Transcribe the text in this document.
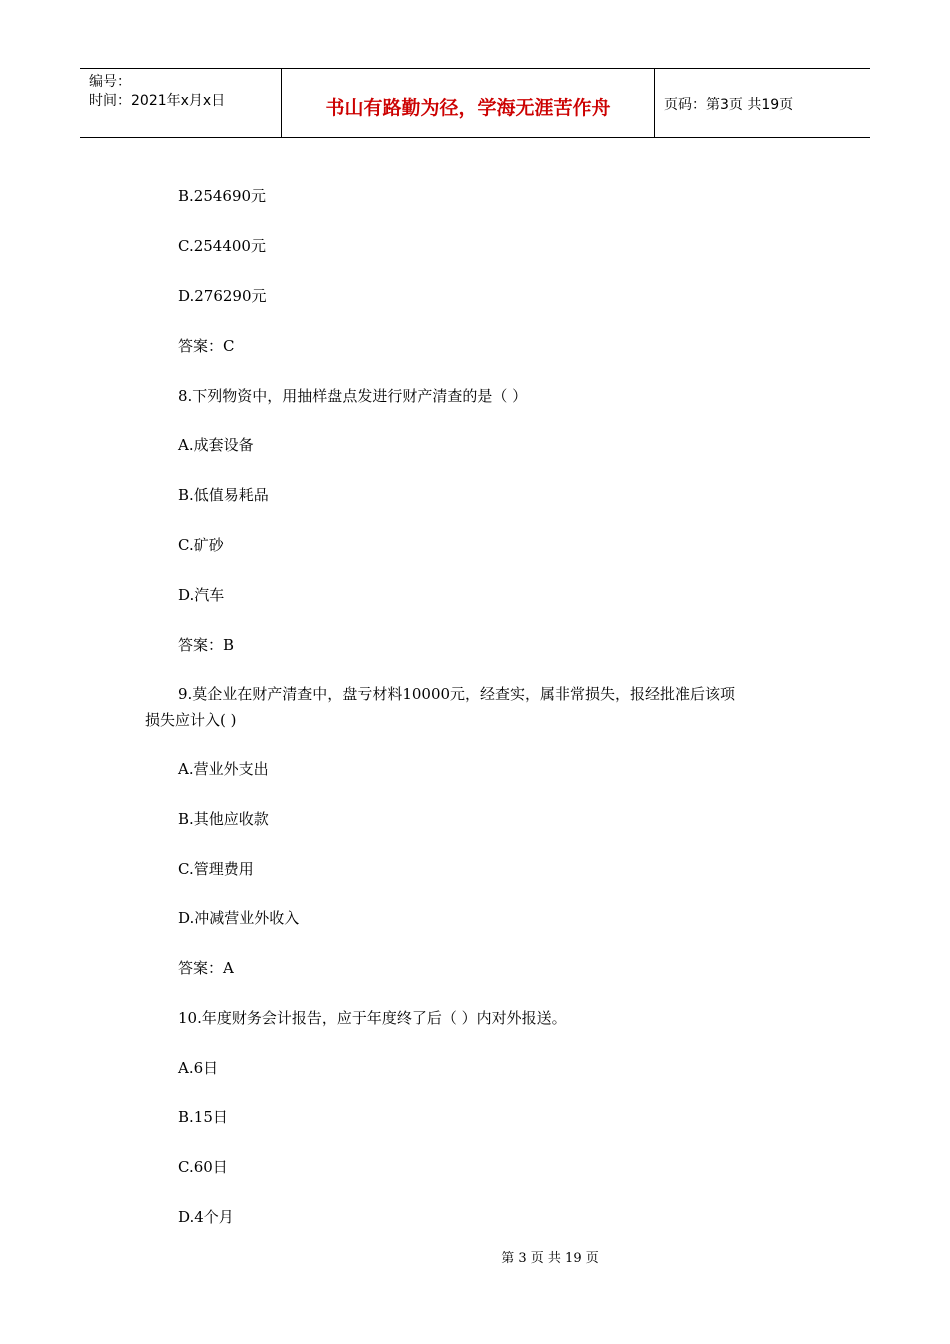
编号：
时间：2021年x月x日	书山有路勤为径，学海无涯苦作舟	页码：第3页 共19页
B.254690元
C.254400元
D.276290元
答案：C
8.下列物资中，用抽样盘点发进行财产清查的是（ ）
A.成套设备
B.低值易耗品
C.矿砂
D.汽车
答案：B
9.莫企业在财产清查中，盘亏材料10000元，经查实，属非常损失，报经批准后该项
损失应计入( )
A.营业外支出
B.其他应收款
C.管理费用
D.冲减营业外收入
答案：A
10.年度财务会计报告，应于年度终了后（ ）内对外报送。
A.6日
B.15日
C.60日
D.4个月
第 3 页 共 19 页
